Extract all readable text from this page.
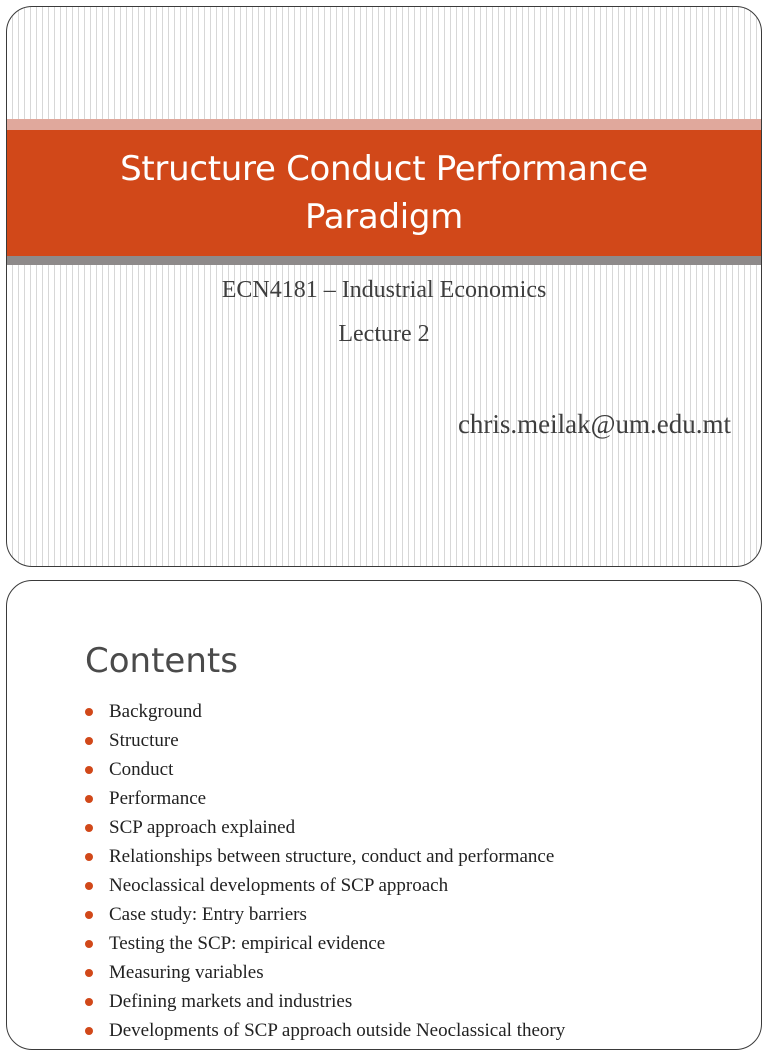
Structure Conduct Performance Paradigm
ECN4181 – Industrial Economics
Lecture 2
chris.meilak@um.edu.mt
Contents
Background
Structure
Conduct
Performance
SCP approach explained
Relationships between structure, conduct and performance
Neoclassical developments of SCP approach
Case study: Entry barriers
Testing the SCP: empirical evidence
Measuring variables
Defining markets and industries
Developments of SCP approach outside Neoclassical theory
